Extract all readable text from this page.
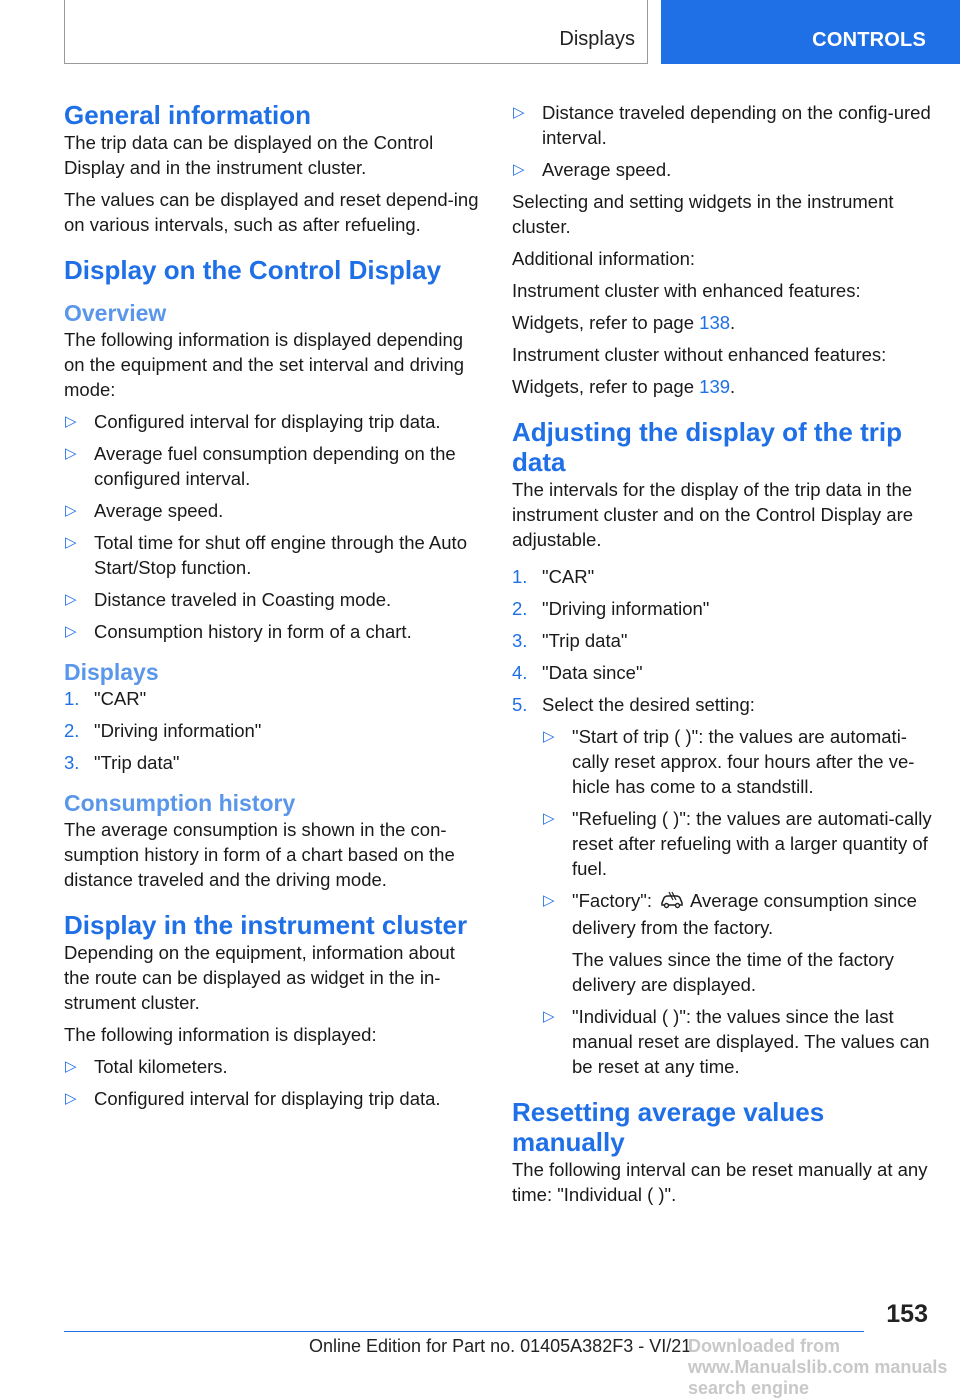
Displays	CONTROLS
General information

The trip data can be displayed on the Control Display and in the instrument cluster.

The values can be displayed and reset depend‐ing on various intervals, such as after refueling.

Display on the Control Display
Overview

The following information is displayed depending on the equipment and the set interval and driving mode:

▷ Configured interval for displaying trip data.
▷ Average fuel consumption depending on the configured interval.
▷ Average speed.
▷ Total time for shut off engine through the Auto Start/Stop function.
▷ Distance traveled in Coasting mode.
▷ Consumption history in form of a chart.
Displays
1. "CAR"
2. "Driving information"
3. "Trip data"
Consumption history

The average consumption is shown in the con‐sumption history in form of a chart based on the distance traveled and the driving mode.

Display in the instrument cluster

Depending on the equipment, information about the route can be displayed as widget in the in‐strument cluster.

The following information is displayed:

▷ Total kilometers.
▷ Configured interval for displaying trip data.
▷ Distance traveled depending on the config‐ured interval.
▷ Average speed.

Selecting and setting widgets in the instrument cluster.

Additional information:

Instrument cluster with enhanced features:

Widgets, refer to page 138.

Instrument cluster without enhanced features:

Widgets, refer to page 139.

Adjusting the display of the trip data

The intervals for the display of the trip data in the instrument cluster and on the Control Display are adjustable.

1. "CAR"
2. "Driving information"
3. "Trip data"
4. "Data since"
5. Select the desired setting:
▷ "Start of trip ( )": the values are automati‐cally reset approx. four hours after the ve‐hicle has come to a standstill.
▷ "Refueling ( )": the values are automati‐cally reset after refueling with a larger quantity of fuel.
▷ "Factory": Average consumption since delivery from the factory.
The values since the time of the factory delivery are displayed.
▷ "Individual ( )": the values since the last manual reset are displayed. The values can be reset at any time.
Resetting average values manually

The following interval can be reset manually at any time: "Individual ( )".

153
Online Edition for Part no. 01405A382F3 - VI/21
Downloaded from www.Manualslib.com manuals search engine
